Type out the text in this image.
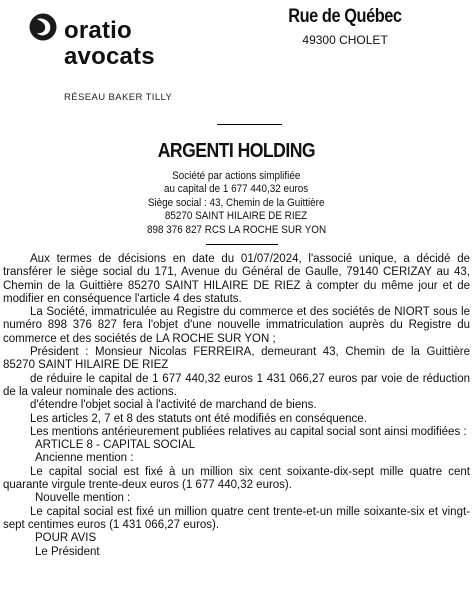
oratio
avocats
RÉSEAU BAKER TILLY
Rue de Québec
49300 CHOLET
ARGENTI HOLDING
Société par actions simplifiée
au capital de 1 677 440,32 euros
Siège social : 43, Chemin de la Guittière
85270 SAINT HILAIRE DE RIEZ
898 376 827 RCS LA ROCHE SUR YON

Aux termes de décisions en date du 01/07/2024, l'associé unique, a décidé de transférer le siège social du 171, Avenue du Général de Gaulle, 79140 CERIZAY au 43, Chemin de la Guittière 85270 SAINT HILAIRE DE RIEZ à compter du même jour et de modifier en conséquence l'article 4 des statuts.

La Société, immatriculée au Registre du commerce et des sociétés de NIORT sous le numéro 898 376 827 fera l'objet d'une nouvelle immatriculation auprès du Registre du commerce et des sociétés de LA ROCHE SUR YON ;

Président : Monsieur Nicolas FERREIRA, demeurant 43, Chemin de la Guittière 85270 SAINT HILAIRE DE RIEZ

de réduire le capital de 1 677 440,32 euros 1 431 066,27 euros par voie de réduction de la valeur nominale des actions.

d'étendre l'objet social à l'activité de marchand de biens.

Les articles 2, 7 et 8 des statuts ont été modifiés en conséquence.

Les mentions antérieurement publiées relatives au capital social sont ainsi modifiées :

ARTICLE 8 - CAPITAL SOCIAL

Ancienne mention :

Le capital social est fixé à un million six cent soixante-dix-sept mille quatre cent quarante virgule trente-deux euros (1 677 440,32 euros).

Nouvelle mention :

Le capital social est fixé un million quatre cent trente-et-un mille soixante-six et vingt-sept centimes euros (1 431 066,27 euros).

POUR AVIS

Le Président
